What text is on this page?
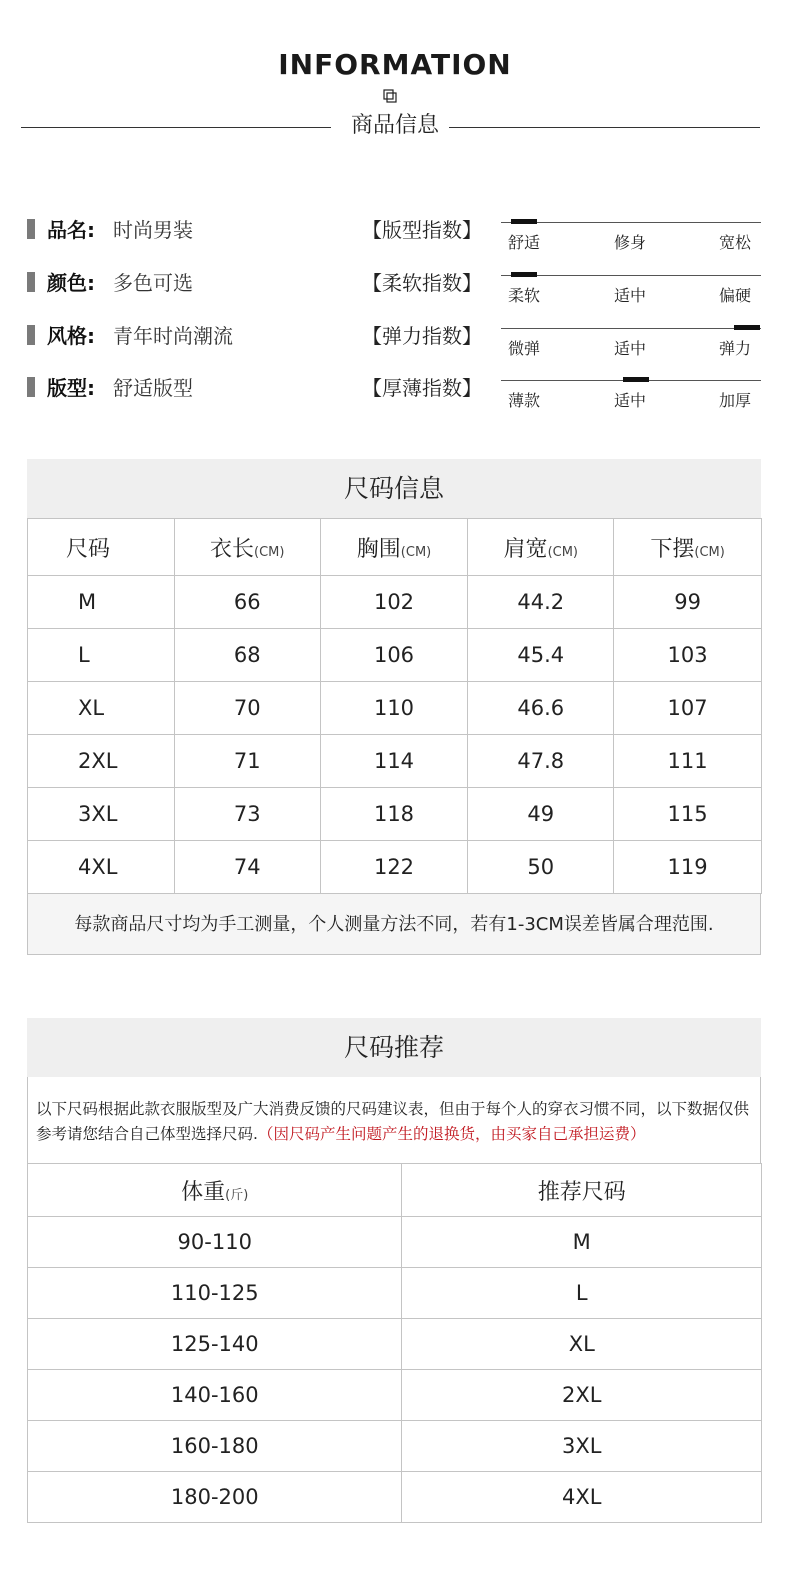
INFORMATION
商品信息
品名: 时尚男装	【版型指数】
舒适	修身	宽松
颜色: 多色可选	【柔软指数】
柔软	适中	偏硬
风格: 青年时尚潮流	【弹力指数】
微弹	适中	弹力
版型: 舒适版型	【厚薄指数】
薄款	适中	加厚
尺码信息
尺码	衣长(CM)	胸围(CM)	肩宽(CM)	下摆(CM)
M	66	102	44.2	99
L	68	106	45.4	103
XL	70	110	46.6	107
2XL	71	114	47.8	111
3XL	73	118	49	115
4XL	74	122	50	119
每款商品尺寸均为手工测量，个人测量方法不同，若有1-3CM误差皆属合理范围.
尺码推荐
以下尺码根据此款衣服版型及广大消费反馈的尺码建议表，但由于每个人的穿衣习惯不同，以下数据仅供参考请您结合自己体型选择尺码.（因尺码产生问题产生的退换货，由买家自己承担运费）
体重(斤)	推荐尺码
90-110	M
110-125	L
125-140	XL
140-160	2XL
160-180	3XL
180-200	4XL
